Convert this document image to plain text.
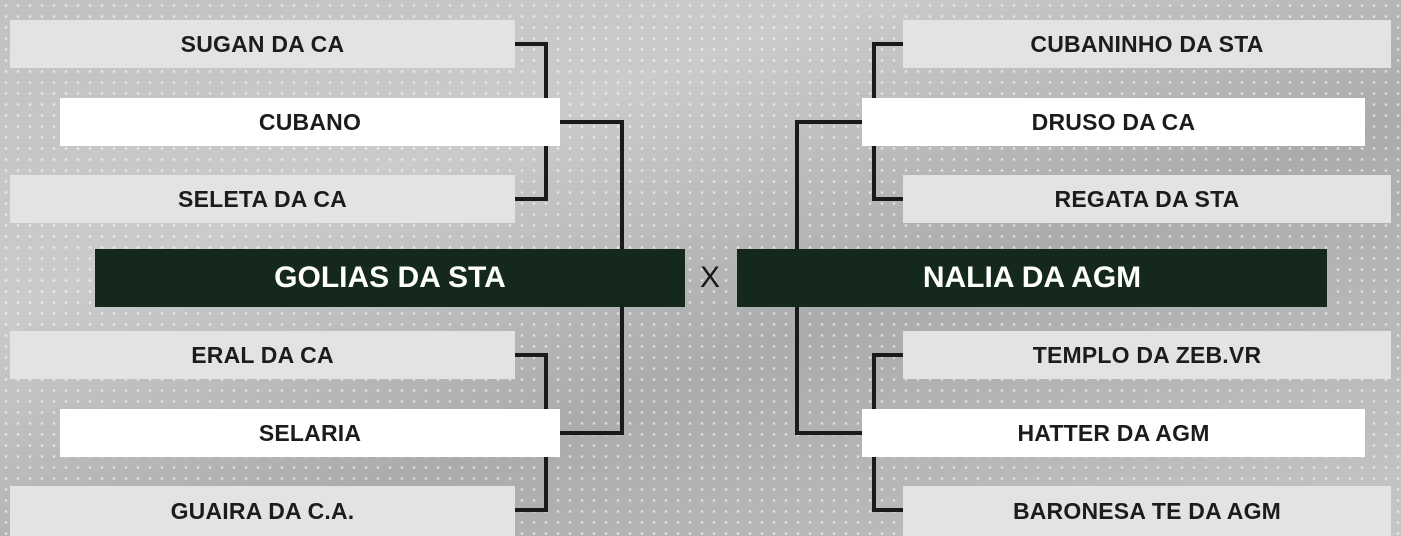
SUGAN DA CA
CUBANO
SELETA DA CA
GOLIAS DA STA
ERAL DA CA
SELARIA
GUAIRA DA C.A.
X
CUBANINHO DA STA
DRUSO DA CA
REGATA DA STA
NALIA DA AGM
TEMPLO DA ZEB.VR
HATTER DA AGM
BARONESA TE DA AGM
